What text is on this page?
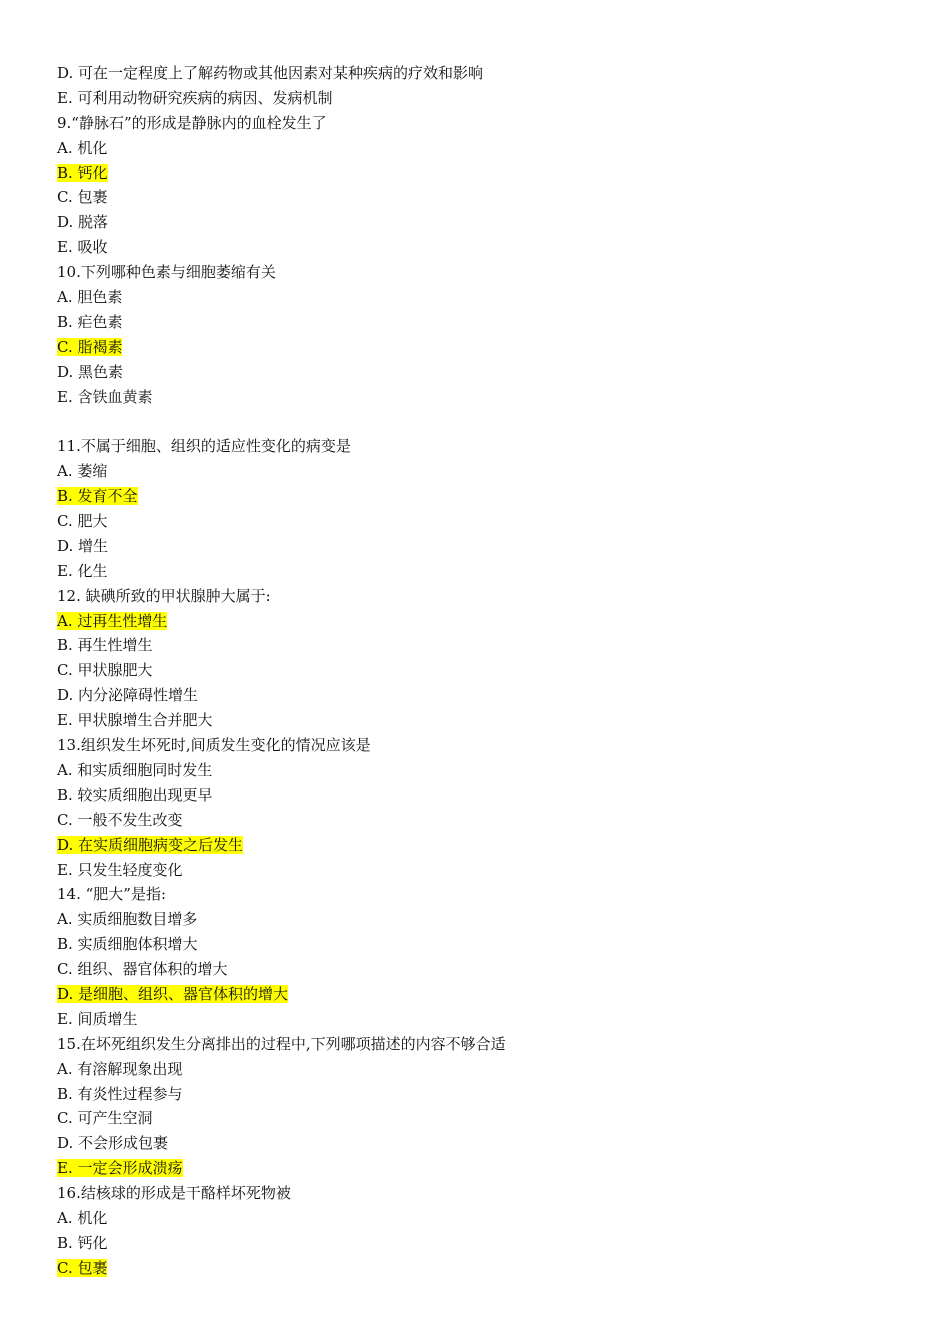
D. 可在一定程度上了解药物或其他因素对某种疾病的疗效和影响
E. 可利用动物研究疾病的病因、发病机制
9.“静脉石”的形成是静脉内的血栓发生了
A. 机化
B. 钙化
C. 包裹
D. 脱落
E. 吸收
10.下列哪种色素与细胞萎缩有关
A. 胆色素
B. 疟色素
C. 脂褐素
D. 黑色素
E. 含铁血黄素
11.不属于细胞、组织的适应性变化的病变是
A. 萎缩
B. 发育不全
C. 肥大
D. 增生
E. 化生
12. 缺碘所致的甲状腺肿大属于:
A. 过再生性增生
B. 再生性增生
C. 甲状腺肥大
D. 内分泌障碍性增生
E. 甲状腺增生合并肥大
13.组织发生坏死时,间质发生变化的情况应该是
A. 和实质细胞同时发生
B. 较实质细胞出现更早
C. 一般不发生改变
D. 在实质细胞病变之后发生
E. 只发生轻度变化
14. “肥大”是指:
A. 实质细胞数目增多
B. 实质细胞体积增大
C. 组织、器官体积的增大
D. 是细胞、组织、器官体积的增大
E. 间质增生
15.在坏死组织发生分离排出的过程中,下列哪项描述的内容不够合适
A. 有溶解现象出现
B. 有炎性过程参与
C. 可产生空洞
D. 不会形成包裹
E. 一定会形成溃疡
16.结核球的形成是干酪样坏死物被
A. 机化
B. 钙化
C. 包裹
